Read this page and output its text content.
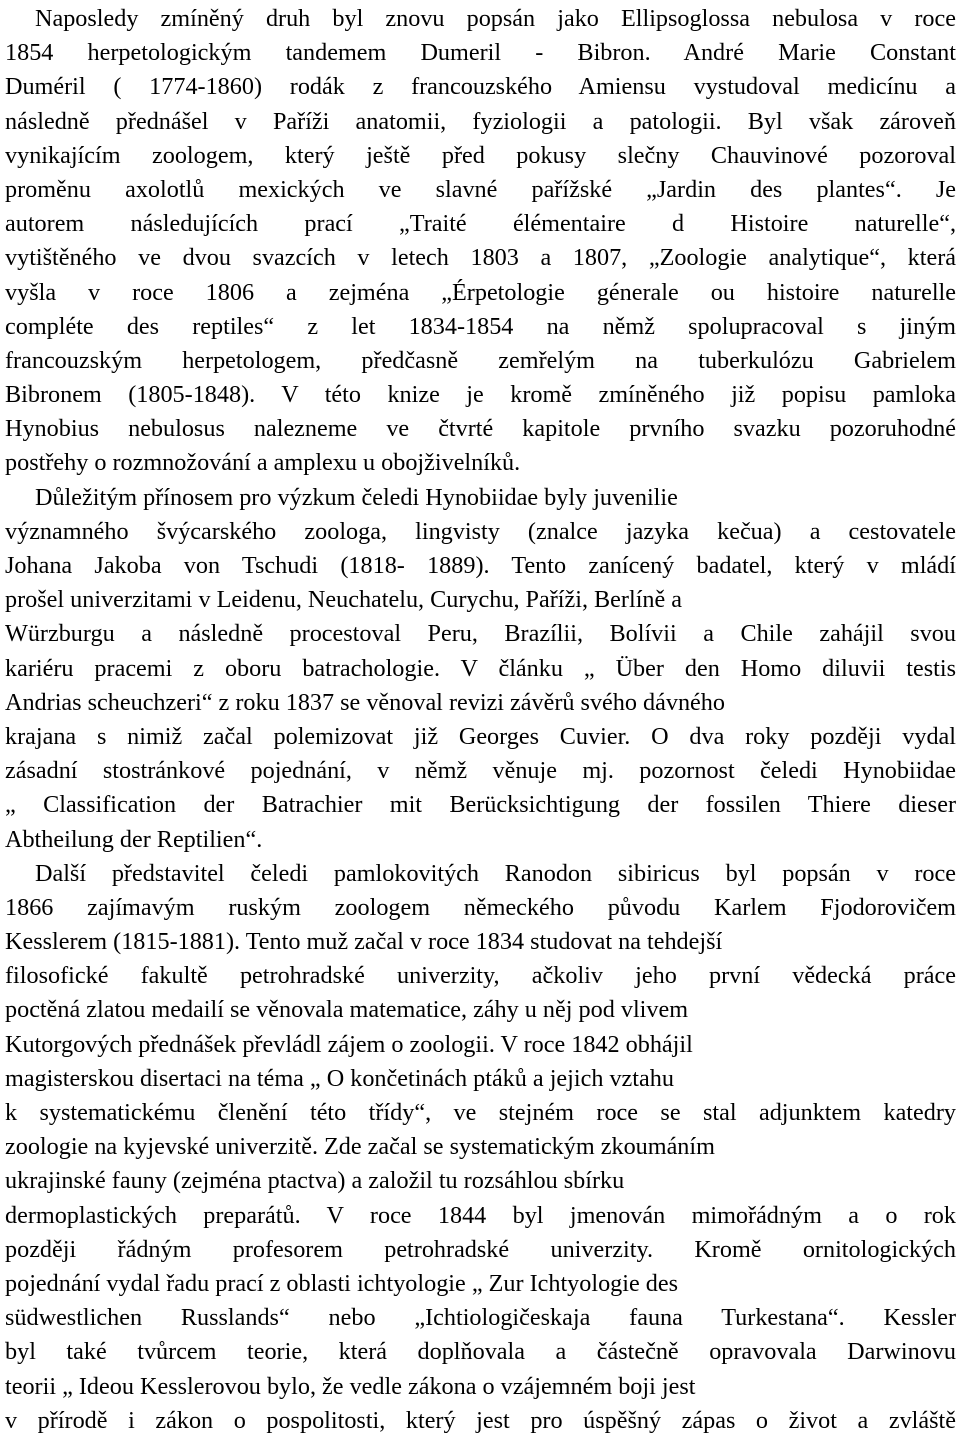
Naposledy zmíněný druh byl znovu popsán jako Ellipsoglossa nebulosa v roce
1854 herpetologickým tandemem Dumeril - Bibron. André Marie Constant
Duméril ( 1774-1860) rodák z francouzského Amiensu vystudoval medicínu a
následně přednášel v Paříži anatomii, fyziologii a patologii. Byl však zároveň
vynikajícím zoologem, který ještě před pokusy slečny Chauvinové pozoroval
proměnu axolotlů mexických ve slavné pařížské „Jardin des plantes“. Je
autorem následujících prací „Traité élémentaire d Histoire naturelle“,
vytištěného ve dvou svazcích v letech 1803 a 1807, „Zoologie analytique“, která
vyšla v roce 1806 a zejména „Érpetologie génerale ou histoire naturelle
compléte des reptiles“ z let 1834-1854 na němž spolupracoval s jiným
francouzským herpetologem, předčasně zemřelým na tuberkulózu Gabrielem
Bibronem (1805-1848). V této knize je kromě zmíněného již popisu pamloka
Hynobius nebulosus nalezneme ve čtvrté kapitole prvního svazku pozoruhodné
postřehy o rozmnožování a amplexu u obojživelníků.
Důležitým přínosem pro výzkum čeledi Hynobiidae byly juvenilie
významného švýcarského zoologa, lingvisty (znalce jazyka kečua) a cestovatele
Johana Jakoba von Tschudi (1818- 1889). Tento zanícený badatel, který v mládí
prošel univerzitami v Leidenu, Neuchatelu, Curychu, Paříži, Berlíně a
Würzburgu a následně procestoval Peru, Brazílii, Bolívii a Chile zahájil svou
kariéru pracemi z oboru batrachologie. V článku „ Über den Homo diluvii testis
Andrias scheuchzeri“ z roku 1837 se věnoval revizi závěrů svého dávného
krajana s nimiž začal polemizovat již Georges Cuvier. O dva roky později vydal
zásadní stostránkové pojednání, v němž věnuje mj. pozornost čeledi Hynobiidae
„ Classification der Batrachier mit Berücksichtigung der fossilen Thiere dieser
Abtheilung der Reptilien“.
Další představitel čeledi pamlokovitých Ranodon sibiricus byl popsán v roce
1866 zajímavým ruským zoologem německého původu Karlem Fjodorovičem
Kesslerem (1815-1881). Tento muž začal v roce 1834 studovat na tehdejší
filosofické fakultě petrohradské univerzity, ačkoliv jeho první vědecká práce
poctěná zlatou medailí se věnovala matematice, záhy u něj pod vlivem
Kutorgových přednášek převládl zájem o zoologii. V roce 1842 obhájil
magisterskou disertaci na téma „ O končetinách ptáků a jejich vztahu
k systematickému členění této třídy“, ve stejném roce se stal adjunktem katedry
zoologie na kyjevské univerzitě. Zde začal se systematickým zkoumáním
ukrajinské fauny (zejména ptactva) a založil tu rozsáhlou sbírku
dermoplastických preparátů. V roce 1844 byl jmenován mimořádným a o rok
později řádným profesorem petrohradské univerzity. Kromě ornitologických
pojednání vydal řadu prací z oblasti ichtyologie „ Zur Ichtyologie des
südwestlichen Russlands“ nebo „Ichtiologičeskaja fauna Turkestana“. Kessler
byl také tvůrcem teorie, která doplňovala a částečně opravovala Darwinovu
teorii „ Ideou Kesslerovou bylo, že vedle zákona o vzájemném boji jest
v přírodě i zákon o pospolitosti, který jest pro úspěšný zápas o život a zvláště
